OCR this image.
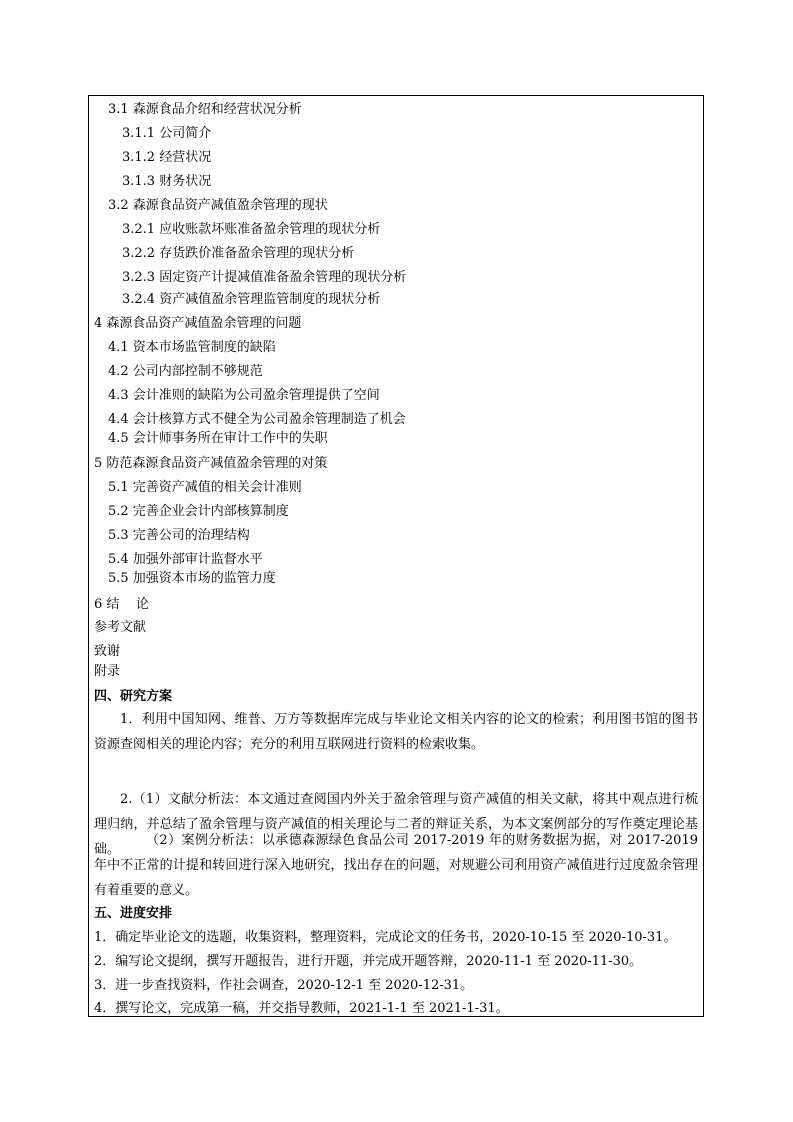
3.1 森源食品介绍和经营状况分析
3.1.1 公司简介
3.1.2 经营状况
3.1.3 财务状况
3.2 森源食品资产减值盈余管理的现状
3.2.1 应收账款坏账准备盈余管理的现状分析
3.2.2 存货跌价准备盈余管理的现状分析
3.2.3 固定资产计提减值准备盈余管理的现状分析
3.2.4 资产减值盈余管理监管制度的现状分析
4 森源食品资产减值盈余管理的问题
4.1 资本市场监管制度的缺陷
4.2 公司内部控制不够规范
4.3 会计准则的缺陷为公司盈余管理提供了空间
4.4 会计核算方式不健全为公司盈余管理制造了机会
4.5 会计师事务所在审计工作中的失职
5 防范森源食品资产减值盈余管理的对策
5.1 完善资产减值的相关会计准则
5.2 完善企业会计内部核算制度
5.3 完善公司的治理结构
5.4 加强外部审计监督水平
5.5 加强资本市场的监管力度
6 结    论
参考文献
致谢
附录
四、研究方案
1．利用中国知网、维普、万方等数据库完成与毕业论文相关内容的论文的检索；利用图书馆的图书资源查阅相关的理论内容；充分的利用互联网进行资料的检索收集。
2.（1）文献分析法：本文通过查阅国内外关于盈余管理与资产减值的相关文献，将其中观点进行梳理归纳，并总结了盈余管理与资产减值的相关理论与二者的辩证关系，为本文案例部分的写作奠定理论基础。
（2）案例分析法：以承德森源绿色食品公司 2017-2019 年的财务数据为据，对 2017-2019 年中不正常的计提和转回进行深入地研究，找出存在的问题，对规避公司利用资产减值进行过度盈余管理有着重要的意义。
五、进度安排
1．确定毕业论文的选题，收集资料，整理资料，完成论文的任务书，2020-10-15 至 2020-10-31。
2．编写论文提纲，撰写开题报告，进行开题，并完成开题答辩，2020-11-1 至 2020-11-30。
3．进一步查找资料，作社会调查，2020-12-1 至 2020-12-31。
4．撰写论文，完成第一稿，并交指导教师，2021-1-1 至 2021-1-31。
